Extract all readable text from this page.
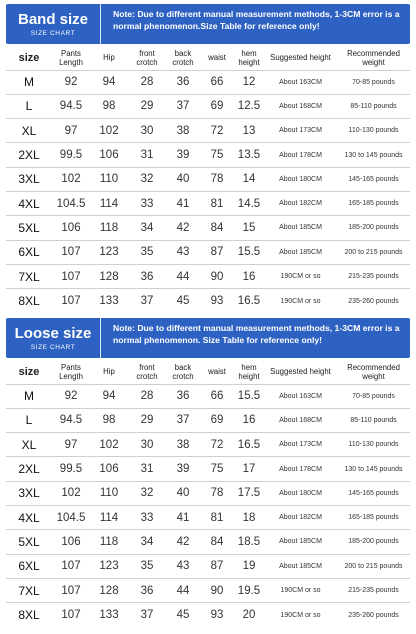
Band size
SIZE CHART
Note: Due to different manual measurement methods, 1-3CM error is a normal phenomenon.Size Table for reference only!
size	Pants Length	Hip	front crotch	back crotch	waist	hem height	Suggested height	Recommended weight
M	92	94	28	36	66	12	About 163CM	70-85 pounds
L	94.5	98	29	37	69	12.5	About 168CM	85-110 pounds
XL	97	102	30	38	72	13	About 173CM	110-130 pounds
2XL	99.5	106	31	39	75	13.5	About 178CM	130 to 145 pounds
3XL	102	110	32	40	78	14	About 180CM	145-165 pounds
4XL	104.5	114	33	41	81	14.5	About 182CM	165-185 pounds
5XL	106	118	34	42	84	15	About 185CM	185-200 pounds
6XL	107	123	35	43	87	15.5	About 185CM	200 to 215 pounds
7XL	107	128	36	44	90	16	190CM or so	215-235 pounds
8XL	107	133	37	45	93	16.5	190CM or so	235-260 pounds
Loose size
SIZE CHART
Note: Due to different manual measurement methods, 1-3CM error is a normal phenomenon. Size Table for reference only!
size	Pants Length	Hip	front crotch	back crotch	waist	hem height	Suggested height	Recommended weight
M	92	94	28	36	66	15.5	About 163CM	70-85 pounds
L	94.5	98	29	37	69	16	About 168CM	85-110 pounds
XL	97	102	30	38	72	16.5	About 173CM	110-130 pounds
2XL	99.5	106	31	39	75	17	About 178CM	130 to 145 pounds
3XL	102	110	32	40	78	17.5	About 180CM	145-165 pounds
4XL	104.5	114	33	41	81	18	About 182CM	165-185 pounds
5XL	106	118	34	42	84	18.5	About 185CM	185-200 pounds
6XL	107	123	35	43	87	19	About 185CM	200 to 215 pounds
7XL	107	128	36	44	90	19.5	190CM or so	215-235 pounds
8XL	107	133	37	45	93	20	190CM or so	235-260 pounds
